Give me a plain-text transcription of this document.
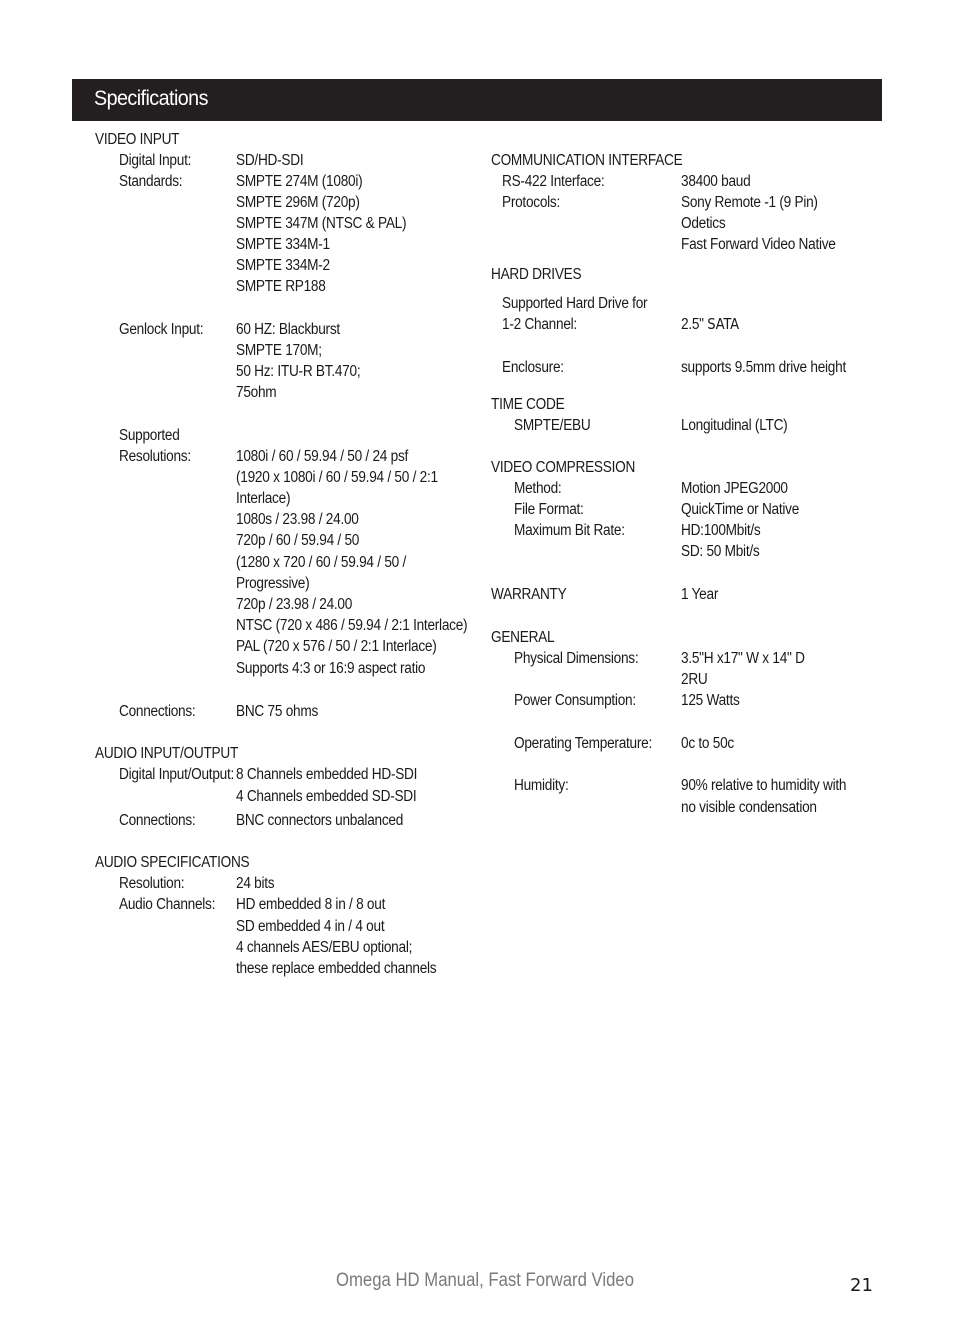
Specifications
VIDEO INPUT
Digital Input:	SD/HD-SDI
Standards:	SMPTE 274M (1080i)
SMPTE 296M (720p)
SMPTE 347M (NTSC & PAL)
SMPTE 334M-1
SMPTE 334M-2
SMPTE RP188
Genlock Input: 60 HZ: Blackburst
SMPTE 170M;
50 Hz: ITU-R BT.470;
75ohm
Supported
Resolutions:	1080i / 60 / 59.94 / 50 / 24 psf
(1920 x 1080i / 60 / 59.94 / 50 / 2:1
Interlace)
1080s / 23.98 / 24.00
720p / 60 / 59.94 / 50
(1280 x 720 / 60 / 59.94 / 50 /
Progressive)
720p / 23.98 / 24.00
NTSC (720 x 486 / 59.94 / 2:1 Interlace)
PAL (720 x 576 / 50 / 2:1 Interlace)
Supports 4:3 or 16:9 aspect ratio
Connections:	BNC 75 ohms
AUDIO INPUT/OUTPUT
Digital Input/Output: 8 Channels embedded HD-SDI
4 Channels embedded SD-SDI
Connections:	BNC connectors unbalanced
AUDIO SPECIFICATIONS
Resolution:	24 bits
Audio Channels: HD embedded 8 in / 8 out
SD embedded 4 in / 4 out
4 channels AES/EBU optional;
these replace embedded channels
COMMUNICATION INTERFACE
RS-422 Interface:	38400 baud
Protocols:	Sony Remote -1 (9 Pin)
Odetics
Fast Forward Video Native
HARD DRIVES
Supported Hard Drive for
1-2 Channel:	2.5" SATA
Enclosure:	supports 9.5mm drive height
TIME CODE
SMPTE/EBU	Longitudinal (LTC)
VIDEO COMPRESSION
Method:	Motion JPEG2000
File Format:	QuickTime or Native
Maximum Bit Rate:	HD:100Mbit/s
SD: 50 Mbit/s
WARRANTY	1 Year
GENERAL
Physical Dimensions:	3.5"H x17" W x 14" D
2RU
Power Consumption:	125 Watts
Operating Temperature: 0c to 50c
Humidity:	90% relative to humidity with
no visible condensation
Omega HD Manual, Fast Forward Video	21
